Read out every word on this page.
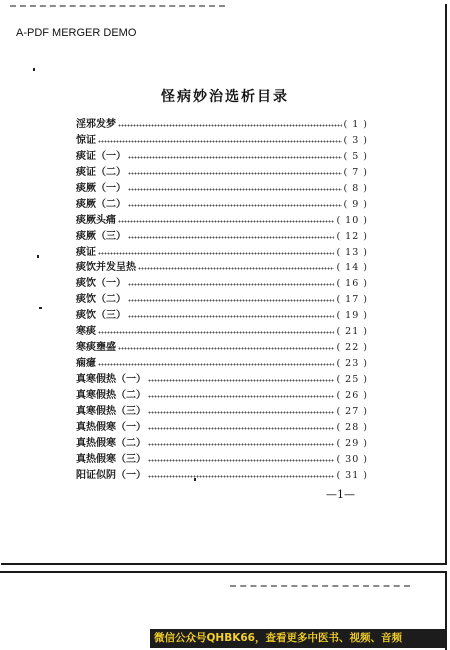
A-PDF MERGER DEMO
怪病妙治选析目录
淫邪发梦	( 1 )
惊证	( 3 )
痰证（一）	( 5 )
痰证（二）	( 7 )
痰厥（一）	( 8 )
痰厥（二）	( 9 )
痰厥头痛	( 10 )
痰厥（三）	( 12 )
痰证	( 13 )
痰饮并发呈热	( 14 )
痰饮（一）	( 16 )
痰饮（二）	( 17 )
痰饮（三）	( 19 )
寒痰	( 21 )
寒痰壅盛	( 22 )
痫癔	( 23 )
真寒假热（一）	( 25 )
真寒假热（二）	( 26 )
真寒假热（三）	( 27 )
真热假寒（一）	( 28 )
真热假寒（二）	( 29 )
真热假寒（三）	( 30 )
阳证似阴（一）	( 31 )
—1—
微信公众号QHBK66，查看更多中医书、视频、音频
